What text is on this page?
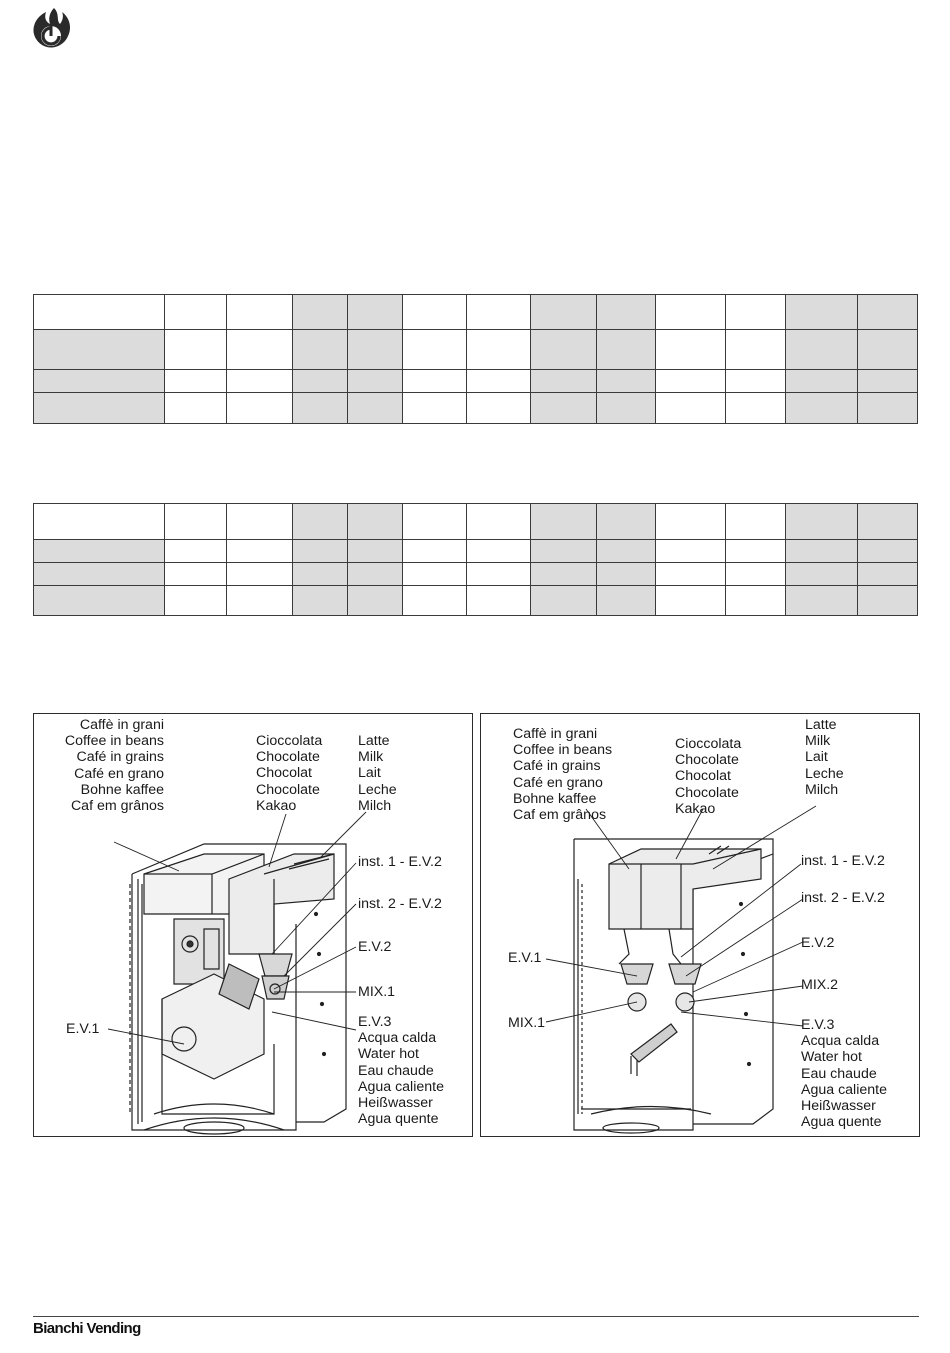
Caffè in grani
Coffee in beans
Café in grains
Café en grano
Bohne kaffee
Caf em grânos
Cioccolata
Chocolate
Chocolat
Chocolate
Kakao
Latte
Milk
Lait
Leche
Milch
inst. 1 - E.V.2
inst. 2 - E.V.2
E.V.2
MIX.1
E.V.1	E.V.3
Acqua calda
Water hot
Eau chaude
Agua caliente
Heißwasser
Agua quente
Caffè in grani
Coffee in beans
Café in grains
Café en grano
Bohne kaffee
Caf em grânos
Cioccolata
Chocolate
Chocolat
Chocolate
Kakao
Latte
Milk
Lait
Leche
Milch
inst. 1 - E.V.2
inst. 2 - E.V.2
E.V.1
E.V.2
MIX.1
MIX.2
E.V.3
Acqua calda
Water hot
Eau chaude
Agua caliente
Heißwasser
Agua quente
Bianchi Vending
